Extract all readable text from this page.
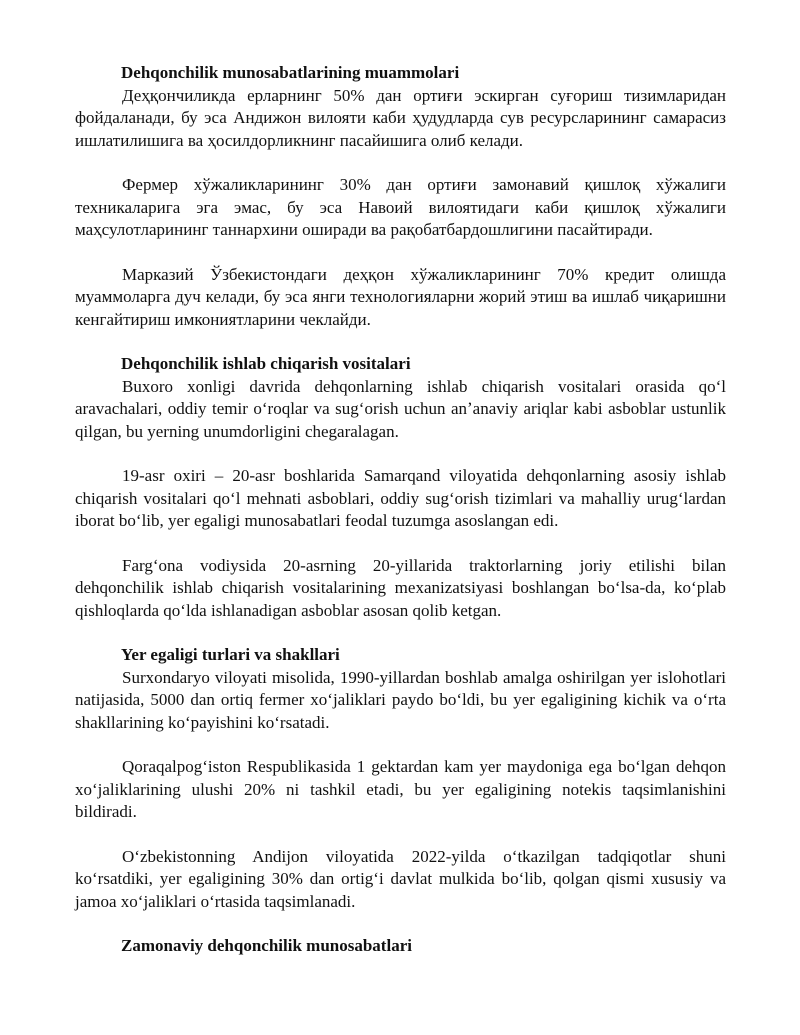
Dehqonchilik munosabatlarining muammolari

Деҳқончиликда ерларнинг 50% дан ортиғи эскирган суғориш тизимларидан фойдаланади, бу эса Андижон вилояти каби ҳудудларда сув ресурсларининг самарасиз ишлатилишига ва ҳосилдорликнинг пасайишига олиб келади.

Фермер хўжаликларининг 30% дан ортиғи замонавий қишлоқ хўжалиги техникаларига эга эмас, бу эса Навоий вилоятидаги каби қишлоқ хўжалиги маҳсулотларининг таннархини оширади ва рақобатбардошлигини пасайтиради.

Марказий Ўзбекистондаги деҳқон хўжаликларининг 70% кредит олишда муаммоларга дуч келади, бу эса янги технологияларни жорий этиш ва ишлаб чиқаришни кенгайтириш имкониятларини чеклайди.

Dehqonchilik ishlab chiqarish vositalari

Buxoro xonligi davrida dehqonlarning ishlab chiqarish vositalari orasida qoʻl aravachalari, oddiy temir oʻroqlar va sugʻorish uchun anʼanaviy ariqlar kabi asboblar ustunlik qilgan, bu yerning unumdorligini chegaralagan.

19-asr oxiri – 20-asr boshlarida Samarqand viloyatida dehqonlarning asosiy ishlab chiqarish vositalari qoʻl mehnati asboblari, oddiy sugʻorish tizimlari va mahalliy urugʻlardan iborat boʻlib, yer egaligi munosabatlari feodal tuzumga asoslangan edi.

Fargʻona vodiysida 20-asrning 20-yillarida traktorlarning joriy etilishi bilan dehqonchilik ishlab chiqarish vositalarining mexanizatsiyasi boshlangan boʻlsa-da, koʻplab qishloqlarda qoʻlda ishlanadigan asboblar asosan qolib ketgan.

Yer egaligi turlari va shakllari

Surxondaryo viloyati misolida, 1990-yillardan boshlab amalga oshirilgan yer islohotlari natijasida, 5000 dan ortiq fermer xoʻjaliklari paydo boʻldi, bu yer egaligining kichik va oʻrta shakllarining koʻpayishini koʻrsatadi.

Qoraqalpogʻiston Respublikasida 1 gektardan kam yer maydoniga ega boʻlgan dehqon xoʻjaliklarining ulushi 20% ni tashkil etadi, bu yer egaligining notekis taqsimlanishini bildiradi.

Oʻzbekistonning Andijon viloyatida 2022-yilda oʻtkazilgan tadqiqotlar shuni koʻrsatdiki, yer egaligining 30% dan ortigʻi davlat mulkida boʻlib, qolgan qismi xususiy va jamoa xoʻjaliklari oʻrtasida taqsimlanadi.

Zamonaviy dehqonchilik munosabatlari
